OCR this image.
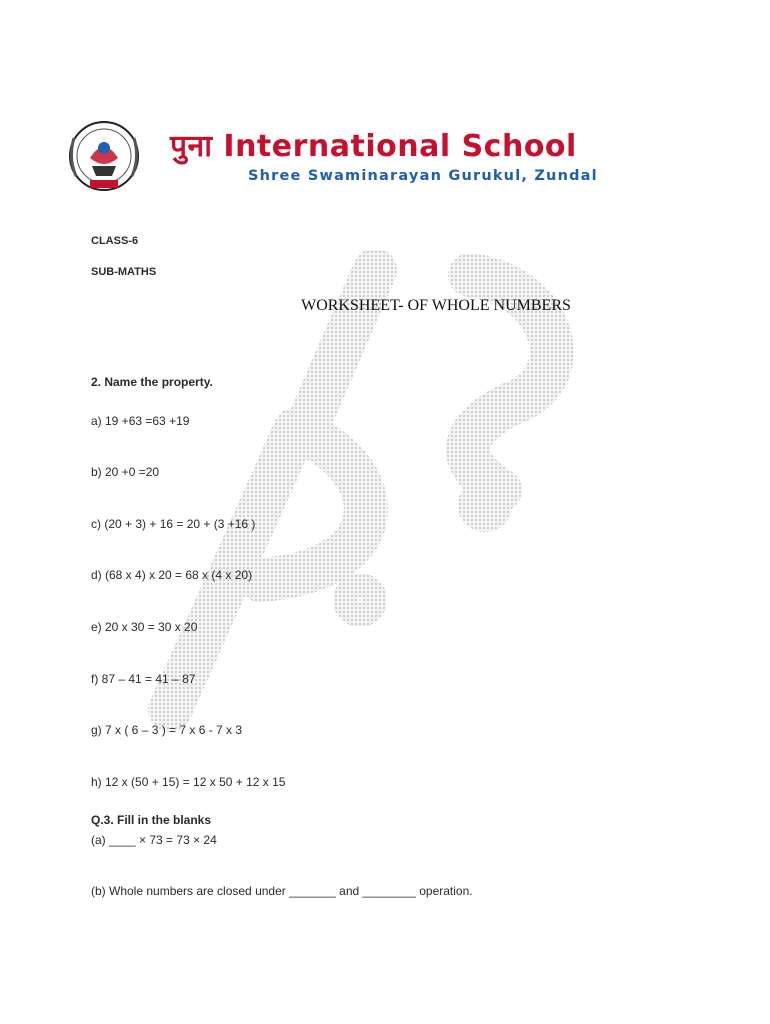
पुना International School
Shree Swaminarayan Gurukul, Zundal
CLASS-6
SUB-MATHS
WORKSHEET- OF WHOLE NUMBERS
2. Name the property.
a) 19 +63 =63 +19
b) 20 +0 =20
c) (20 + 3) + 16 = 20 + (3 +16 )
d) (68 x 4) x 20 = 68 x (4 x 20)
e) 20 x 30 = 30 x 20
f) 87 – 41 = 41 – 87
g) 7 x ( 6 – 3 ) = 7 x 6 - 7 x 3
h) 12 x (50 + 15) = 12 x 50 + 12 x 15
Q.3. Fill in the blanks
(a) ____ × 73 = 73 × 24
(b) Whole numbers are closed under _______ and ________ operation.
